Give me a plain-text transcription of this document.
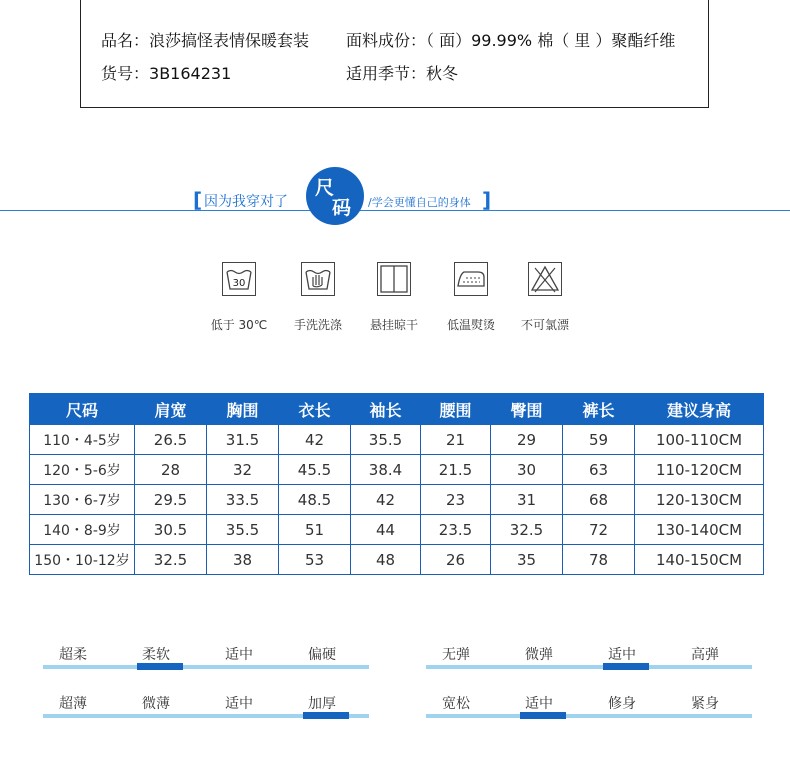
品名：浪莎搞怪表情保暖套装 面料成份：（ 面）99.99% 棉（ 里 ）聚酯纤维
货号：3B164231	适用季节：秋冬
[ 因为我穿对了
尺
码 /学会更懂自己的身体 ]
30
低于 30℃	手洗洗涤	悬挂晾干	低温熨烫	不可氯漂
尺码	肩宽	胸围	衣长	袖长	腰围	臀围	裤长	建议身高
110・4-5岁	26.5	31.5	42	35.5	21	29	59	100-110CM
120・5-6岁	28	32	45.5	38.4	21.5	30	63	110-120CM
130・6-7岁	29.5	33.5	48.5	42	23	31	68	120-130CM
140・8-9岁	30.5	35.5	51	44	23.5	32.5	72	130-140CM
150・10-12岁	32.5	38	53	48	26	35	78	140-150CM
超柔	柔软	适中	偏硬	无弹	微弹	适中	高弹
超薄	微薄	适中	加厚	宽松	适中	修身	紧身
